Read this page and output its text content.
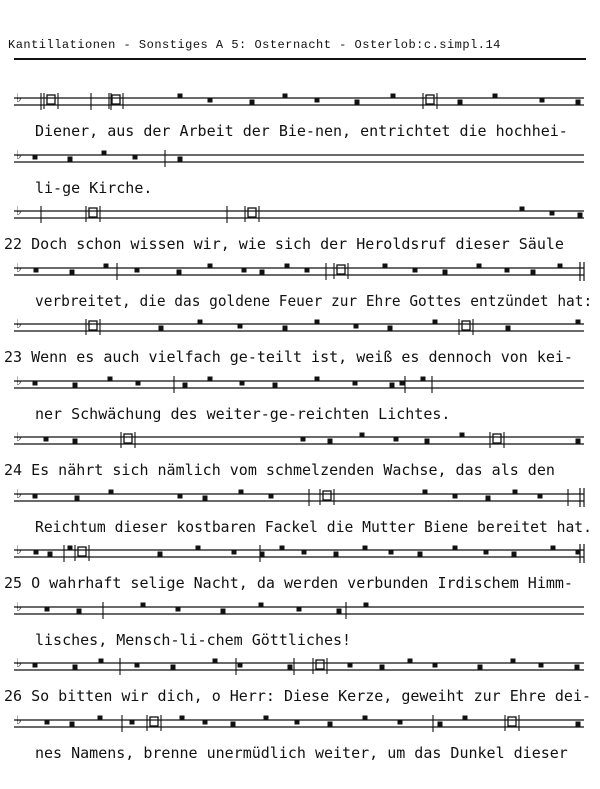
Kantillationen - Sonstiges A 5: Osternacht - Osterlob:c.simpl.14
♭
♭
♭
♭
♭
♭
♭
♭
♭
♭
♭
♭
Diener, aus der Arbeit der Bie-nen, entrichtet die hochhei-
li-ge Kirche.
22 Doch schon wissen wir, wie sich der Heroldsruf dieser Säule
verbreitet, die das goldene Feuer zur Ehre Gottes entzündet hat:
23 Wenn es auch vielfach ge-teilt ist, weiß es dennoch von kei-
ner Schwächung des weiter-ge-reichten Lichtes.
24 Es nährt sich nämlich vom schmelzenden Wachse, das als den
Reichtum dieser kostbaren Fackel die Mutter Biene bereitet hat.
25 O wahrhaft selige Nacht, da werden verbunden Irdischem Himm-
lisches, Mensch-li-chem Göttliches!
26 So bitten wir dich, o Herr: Diese Kerze, geweiht zur Ehre dei-
nes Namens, brenne unermüdlich weiter, um das Dunkel dieser
